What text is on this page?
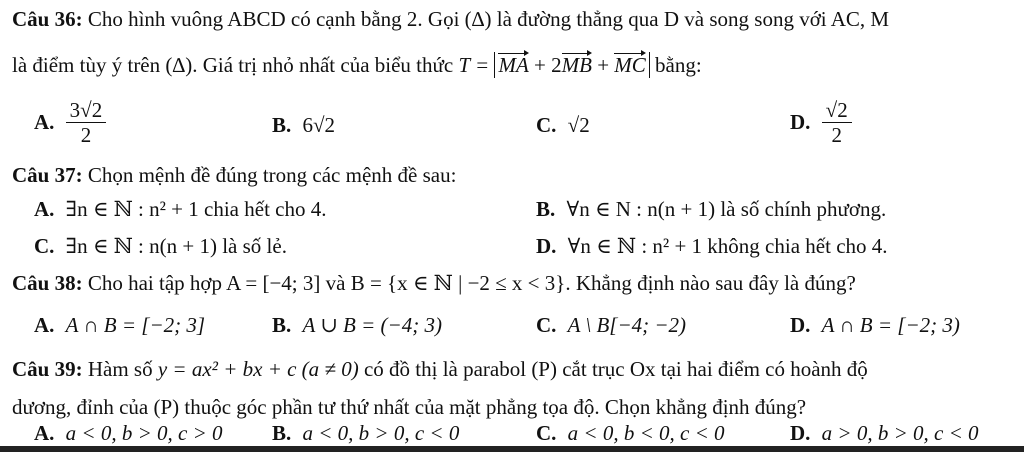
Câu 36: Cho hình vuông ABCD có cạnh bằng 2. Gọi (∆) là đường thẳng qua D và song song với AC, M
là điểm tùy ý trên (∆). Giá trị nhỏ nhất của biểu thức T = MA + 2MB + MC bằng:
A. $\frac{3√2}{2}$	B. 6√2	C. √2	D. $\frac{√2}{2}$
Câu 37: Chọn mệnh đề đúng trong các mệnh đề sau:
A. ∃n ∈ ℕ : n² + 1 chia hết cho 4.	B. ∀n ∈ N : n(n + 1) là số chính phương.
C. ∃n ∈ ℕ : n(n + 1) là số lẻ.	D. ∀n ∈ ℕ : n² + 1 không chia hết cho 4.
Câu 38: Cho hai tập hợp A = [−4; 3] và B = {x ∈ ℕ | −2 ≤ x < 3}. Khẳng định nào sau đây là đúng?
A. A ∩ B = [−2; 3]	B. A ∪ B = (−4; 3)	C. A \ B[−4; −2)	D. A ∩ B = [−2; 3)
Câu 39: Hàm số y = ax² + bx + c (a ≠ 0) có đồ thị là parabol (P) cắt trục Ox tại hai điểm có hoành độ
dương, đỉnh của (P) thuộc góc phần tư thứ nhất của mặt phẳng tọa độ. Chọn khẳng định đúng?
A. a < 0, b > 0, c > 0 B. a < 0, b > 0, c < 0	C. a < 0, b < 0, c < 0	D. a > 0, b > 0, c < 0
